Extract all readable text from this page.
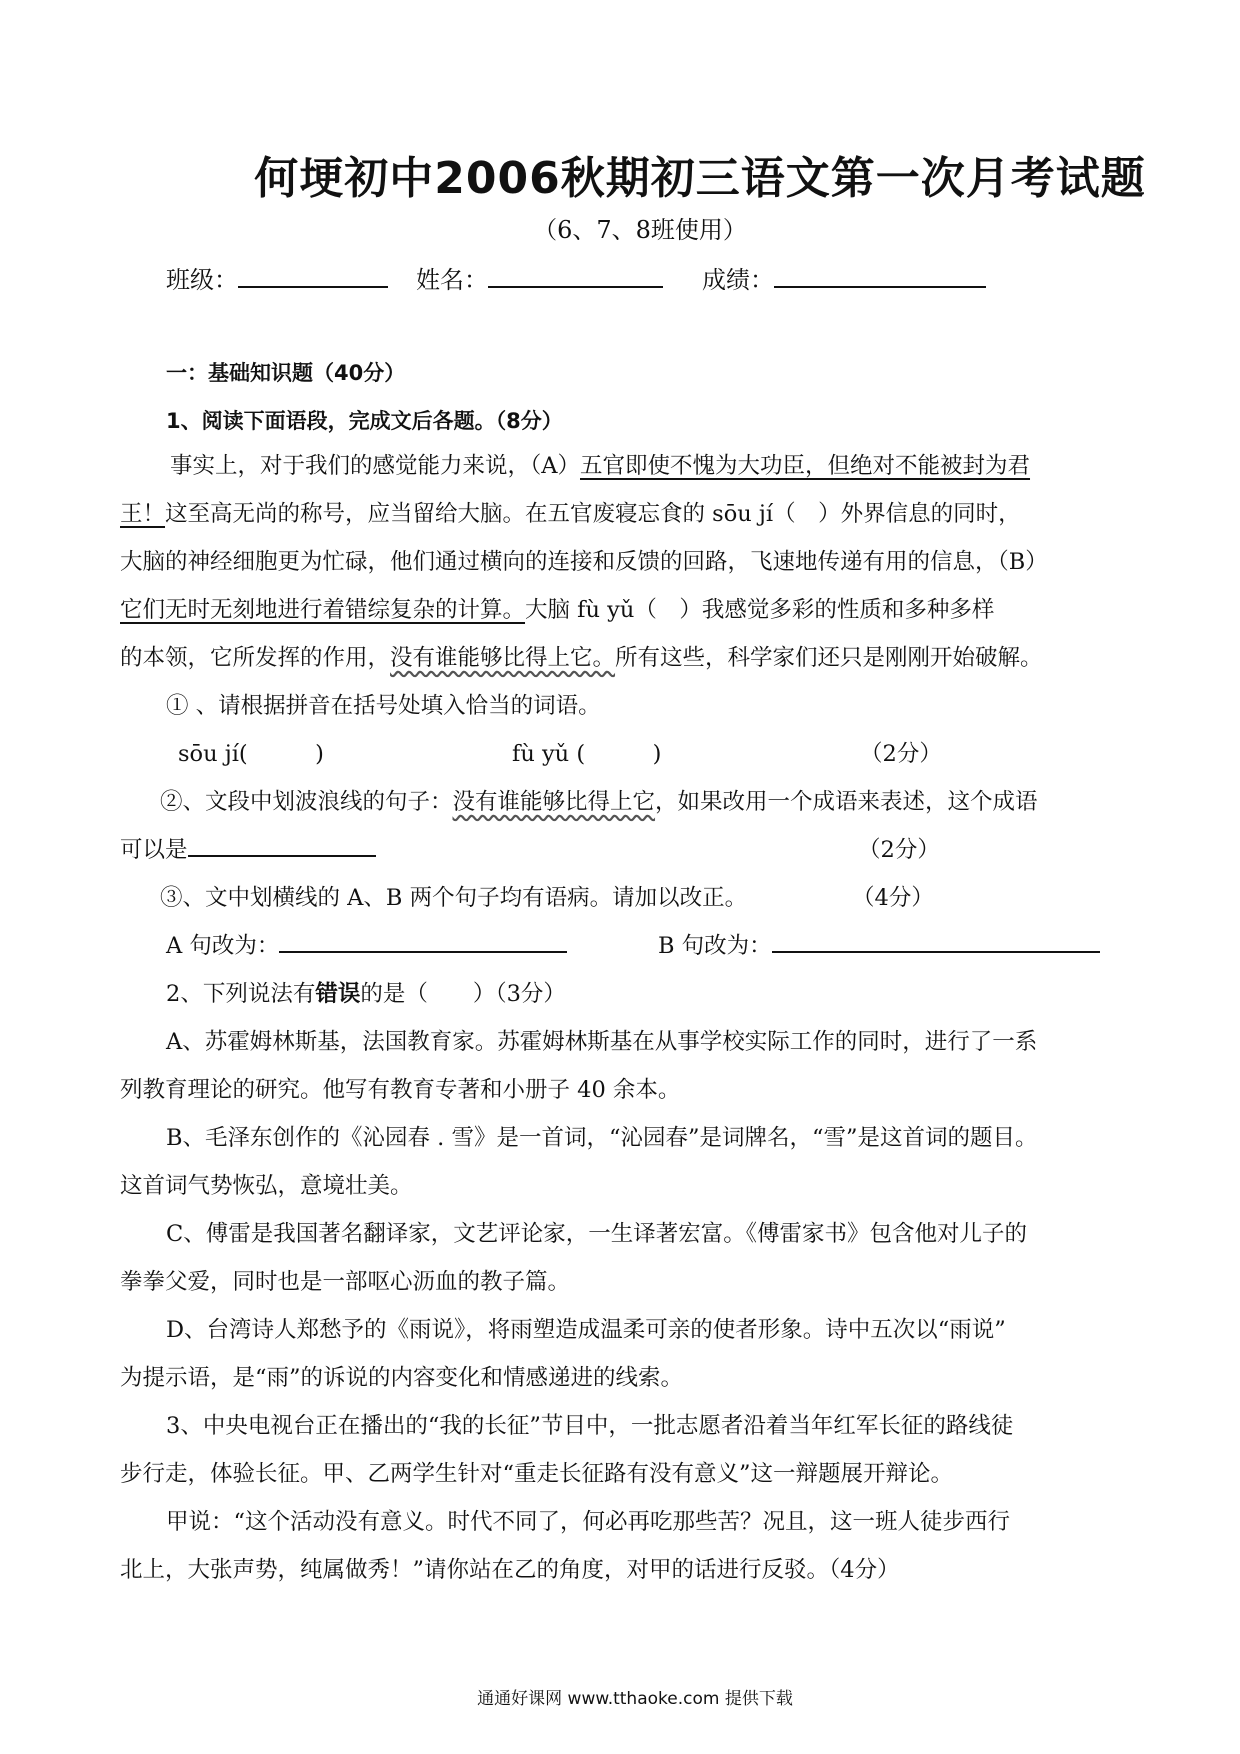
何埂初中2006秋期初三语文第一次月考试题
（6、7、8班使用）
班级：	姓名：	成绩：
一：基础知识题（40分）
1、阅读下面语段，完成文后各题。（8分）
事实上，对于我们的感觉能力来说，（A）五官即使不愧为大功臣，但绝对不能被封为君
王！这至高无尚的称号，应当留给大脑。在五官废寝忘食的 sōu jí（　）外界信息的同时，
大脑的神经细胞更为忙碌，他们通过横向的连接和反馈的回路，飞速地传递有用的信息，（B）
它们无时无刻地进行着错综复杂的计算。大脑 fù yǔ（　）我感觉多彩的性质和多种多样
的本领，它所发挥的作用，没有谁能够比得上它。所有这些，科学家们还只是刚刚开始破解。
① 、请根据拼音在括号处填入恰当的词语。
sōu jí(　　　)	fù yǔ (　　　)	（2分）
②、文段中划波浪线的句子：没有谁能够比得上它，如果改用一个成语来表述，这个成语
可以是	（2分）
③、文中划横线的 A、B 两个句子均有语病。请加以改正。	（4分）
A 句改为：	B 句改为：
2、下列说法有错误的是（　　）（3分）
A、苏霍姆林斯基，法国教育家。苏霍姆林斯基在从事学校实际工作的同时，进行了一系
列教育理论的研究。他写有教育专著和小册子 40 余本。
B、毛泽东创作的《沁园春 . 雪》是一首词，“沁园春”是词牌名，“雪”是这首词的题目。
这首词气势恢弘，意境壮美。
C、傅雷是我国著名翻译家，文艺评论家，一生译著宏富。《傅雷家书》包含他对儿子的
拳拳父爱，同时也是一部呕心沥血的教子篇。
D、台湾诗人郑愁予的《雨说》，将雨塑造成温柔可亲的使者形象。诗中五次以“雨说”
为提示语，是“雨”的诉说的内容变化和情感递进的线索。
3、中央电视台正在播出的“我的长征”节目中，一批志愿者沿着当年红军长征的路线徒
步行走，体验长征。甲、乙两学生针对“重走长征路有没有意义”这一辩题展开辩论。
甲说：“这个活动没有意义。时代不同了，何必再吃那些苦？况且，这一班人徒步西行
北上，大张声势，纯属做秀！”请你站在乙的角度，对甲的话进行反驳。（4分）
通通好课网 www.tthaoke.com 提供下载
